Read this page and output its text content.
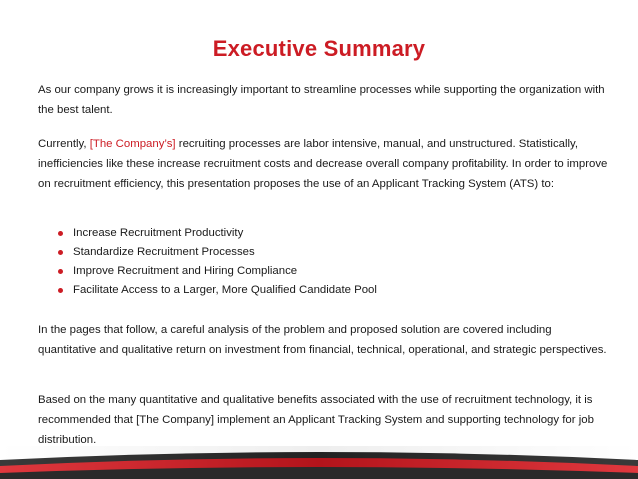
Executive Summary

As our company grows it is increasingly important to streamline processes while supporting the organization with the best talent.

Currently, [The Company’s] recruiting processes are labor intensive, manual, and unstructured. Statistically, inefficiencies like these increase recruitment costs and decrease overall company profitability. In order to improve on recruitment efficiency, this presentation proposes the use of an Applicant Tracking System (ATS) to:

Increase Recruitment Productivity
Standardize Recruitment Processes
Improve Recruitment and Hiring Compliance
Facilitate Access to a Larger, More Qualified Candidate Pool

In the pages that follow, a careful analysis of the problem and proposed solution are covered including quantitative and qualitative return on investment from financial, technical, operational, and strategic perspectives.

Based on the many quantitative and qualitative benefits associated with the use of recruitment technology, it is recommended that [The Company] implement an Applicant Tracking System and supporting technology for job distribution.
